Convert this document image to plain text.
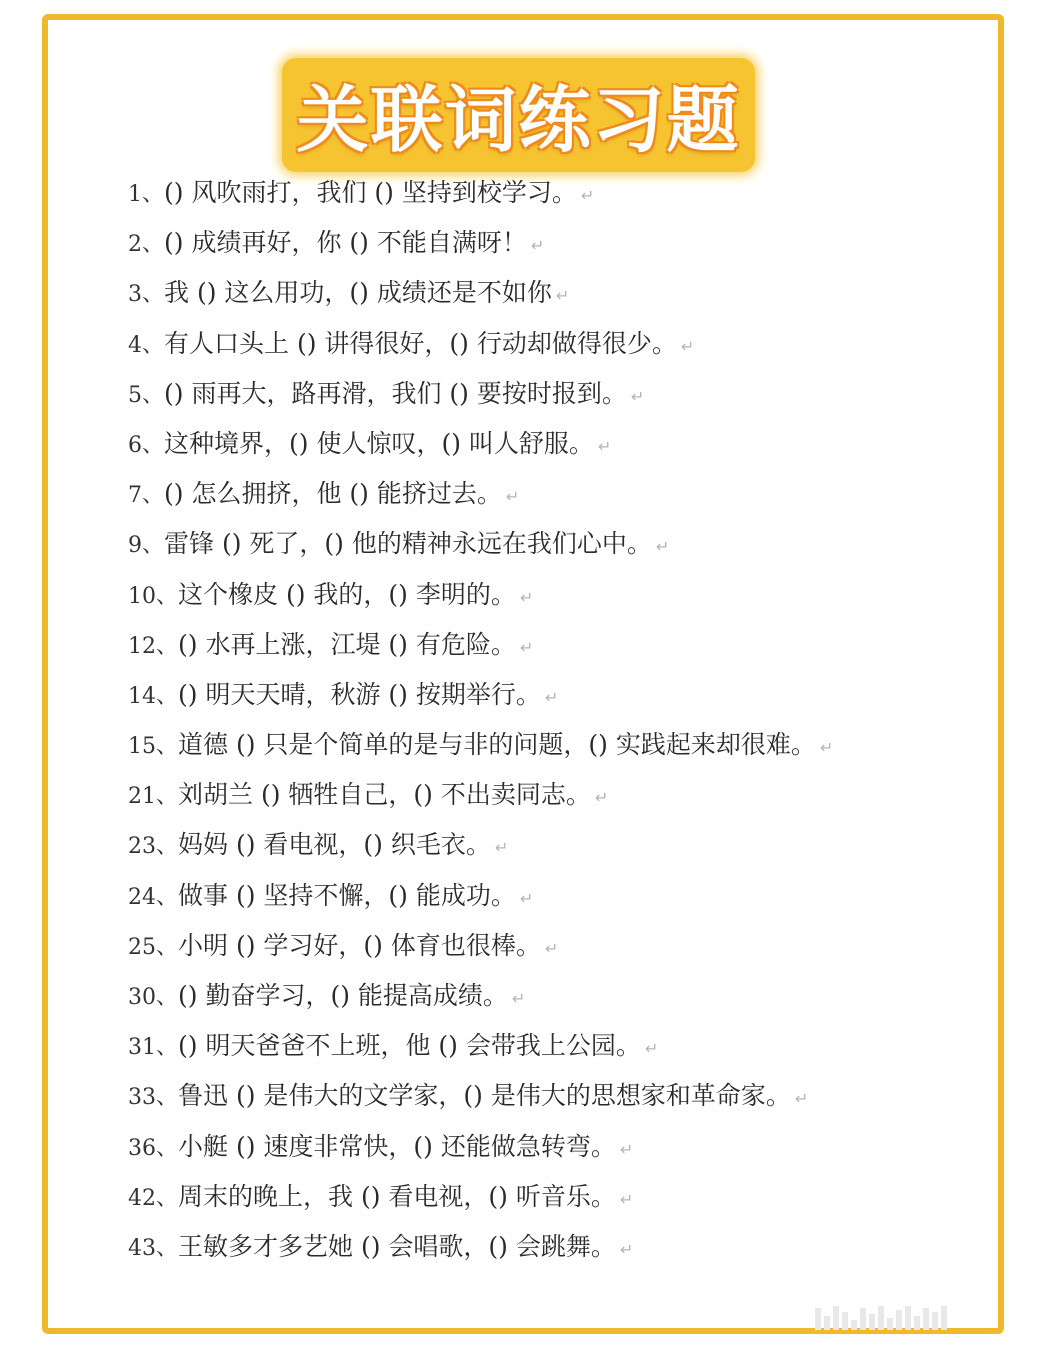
关联词练习题
1、() 风吹雨打，我们 () 坚持到校学习。 ↵
2、() 成绩再好，你 () 不能自满呀！ ↵
3、我 () 这么用功，() 成绩还是不如你 ↵
4、有人口头上 () 讲得很好，() 行动却做得很少。 ↵
5、() 雨再大，路再滑，我们 () 要按时报到。 ↵
6、这种境界，() 使人惊叹，() 叫人舒服。 ↵
7、() 怎么拥挤，他 () 能挤过去。 ↵
9、雷锋 () 死了，() 他的精神永远在我们心中。 ↵
10、这个橡皮 () 我的，() 李明的。 ↵
12、() 水再上涨，江堤 () 有危险。 ↵
14、() 明天天晴，秋游 () 按期举行。 ↵
15、道德 () 只是个简单的是与非的问题，() 实践起来却很难。 ↵
21、刘胡兰 () 牺牲自己，() 不出卖同志。 ↵
23、妈妈 () 看电视，() 织毛衣。 ↵
24、做事 () 坚持不懈，() 能成功。 ↵
25、小明 () 学习好，() 体育也很棒。 ↵
30、() 勤奋学习，() 能提高成绩。 ↵
31、() 明天爸爸不上班，他 () 会带我上公园。 ↵
33、鲁迅 () 是伟大的文学家，() 是伟大的思想家和革命家。 ↵
36、小艇 () 速度非常快，() 还能做急转弯。 ↵
42、周末的晚上，我 () 看电视，() 听音乐。 ↵
43、王敏多才多艺她 () 会唱歌，() 会跳舞。 ↵
